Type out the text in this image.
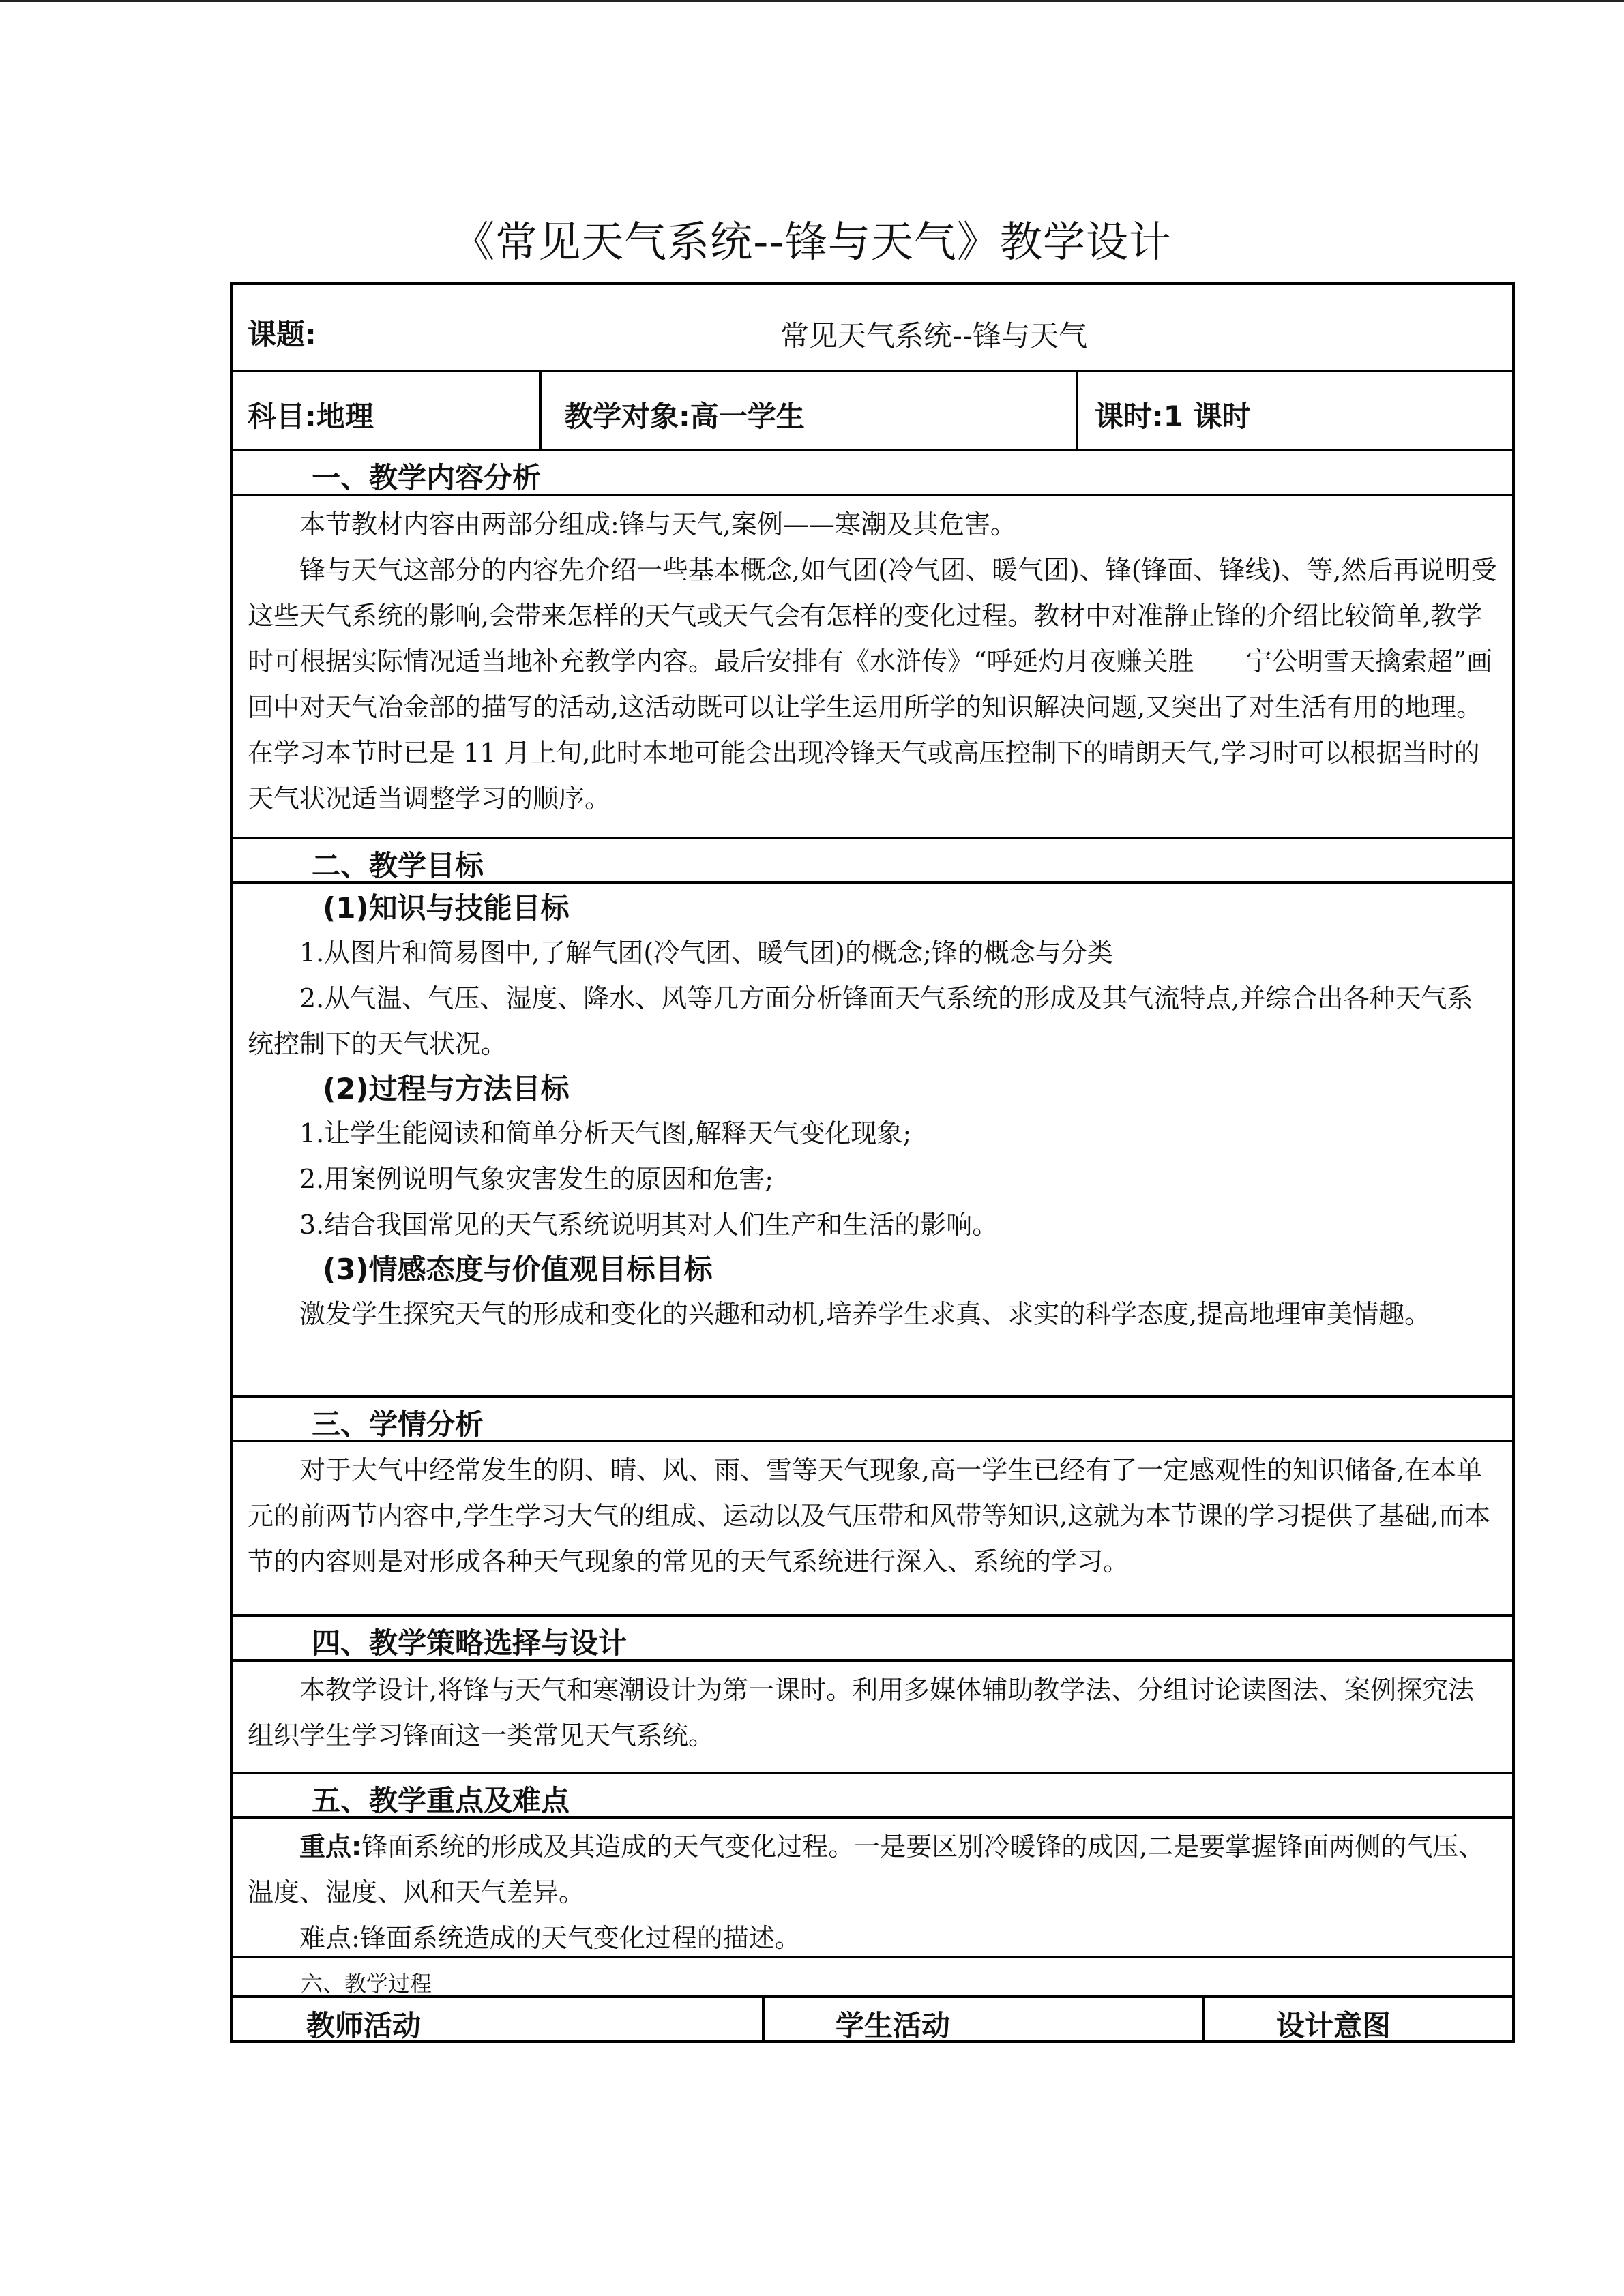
《常见天气系统--锋与天气》教学设计
课题:	常见天气系统--锋与天气
科目:地理	教学对象:高一学生	课时:1 课时
一、教学内容分析

本节教材内容由两部分组成:锋与天气,案例——寒潮及其危害。

锋与天气这部分的内容先介绍一些基本概念,如气团(冷气团、暖气团)、锋(锋面、锋线)、等,然后再说明受这些天气系统的影响,会带来怎样的天气或天气会有怎样的变化过程。教材中对准静止锋的介绍比较简单,教学时可根据实际情况适当地补充教学内容。最后安排有《水浒传》“呼延灼月夜赚关胜　　宁公明雪天擒索超”画回中对天气冶金部的描写的活动,这活动既可以让学生运用所学的知识解决问题,又突出了对生活有用的地理。在学习本节时已是 11 月上旬,此时本地可能会出现冷锋天气或高压控制下的晴朗天气,学习时可以根据当时的天气状况适当调整学习的顺序。

二、教学目标

(1)知识与技能目标

1.从图片和简易图中,了解气团(冷气团、暖气团)的概念;锋的概念与分类

2.从气温、气压、湿度、降水、风等几方面分析锋面天气系统的形成及其气流特点,并综合出各种天气系统控制下的天气状况。

(2)过程与方法目标

1.让学生能阅读和简单分析天气图,解释天气变化现象;

2.用案例说明气象灾害发生的原因和危害;

3.结合我国常见的天气系统说明其对人们生产和生活的影响。

(3)情感态度与价值观目标目标

激发学生探究天气的形成和变化的兴趣和动机,培养学生求真、求实的科学态度,提高地理审美情趣。

三、学情分析

对于大气中经常发生的阴、晴、风、雨、雪等天气现象,高一学生已经有了一定感观性的知识储备,在本单元的前两节内容中,学生学习大气的组成、运动以及气压带和风带等知识,这就为本节课的学习提供了基础,而本节的内容则是对形成各种天气现象的常见的天气系统进行深入、系统的学习。

四、教学策略选择与设计

本教学设计,将锋与天气和寒潮设计为第一课时。利用多媒体辅助教学法、分组讨论读图法、案例探究法组织学生学习锋面这一类常见天气系统。

五、教学重点及难点

重点:锋面系统的形成及其造成的天气变化过程。一是要区别冷暖锋的成因,二是要掌握锋面两侧的气压、温度、湿度、风和天气差异。

难点:锋面系统造成的天气变化过程的描述。

六、教学过程
教师活动	学生活动	设计意图
